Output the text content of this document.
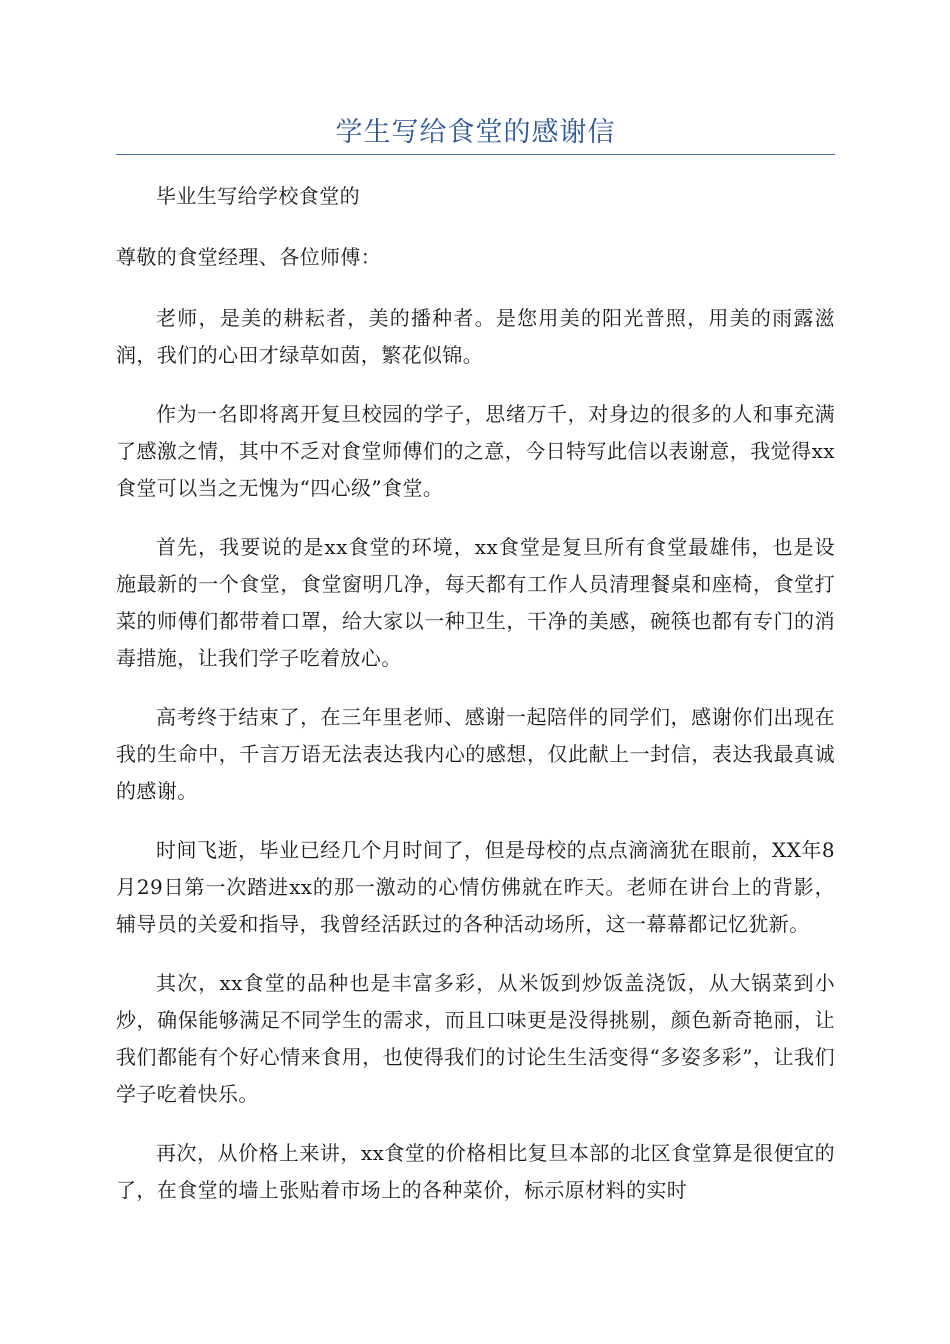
学生写给食堂的感谢信

毕业生写给学校食堂的

尊敬的食堂经理、各位师傅：

老师，是美的耕耘者，美的播种者。是您用美的阳光普照，用美的雨露滋润，我们的心田才绿草如茵，繁花似锦。

作为一名即将离开复旦校园的学子，思绪万千，对身边的很多的人和事充满了感激之情，其中不乏对食堂师傅们的之意，今日特写此信以表谢意，我觉得xx食堂可以当之无愧为“四心级”食堂。

首先，我要说的是xx食堂的环境，xx食堂是复旦所有食堂最雄伟，也是设施最新的一个食堂，食堂窗明几净，每天都有工作人员清理餐桌和座椅，食堂打菜的师傅们都带着口罩，给大家以一种卫生，干净的美感，碗筷也都有专门的消毒措施，让我们学子吃着放心。

高考终于结束了，在三年里老师、感谢一起陪伴的同学们，感谢你们出现在我的生命中，千言万语无法表达我内心的感想，仅此献上一封信，表达我最真诚的感谢。

时间飞逝，毕业已经几个月时间了，但是母校的点点滴滴犹在眼前，XX年8月29日第一次踏进xx的那一激动的心情仿佛就在昨天。老师在讲台上的背影，辅导员的关爱和指导，我曾经活跃过的各种活动场所，这一幕幕都记忆犹新。

其次，xx食堂的品种也是丰富多彩，从米饭到炒饭盖浇饭，从大锅菜到小炒，确保能够满足不同学生的需求，而且口味更是没得挑剔，颜色新奇艳丽，让我们都能有个好心情来食用，也使得我们的讨论生生活变得“多姿多彩”，让我们学子吃着快乐。

再次，从价格上来讲，xx食堂的价格相比复旦本部的北区食堂算是很便宜的了，在食堂的墙上张贴着市场上的各种菜价，标示原材料的实时
